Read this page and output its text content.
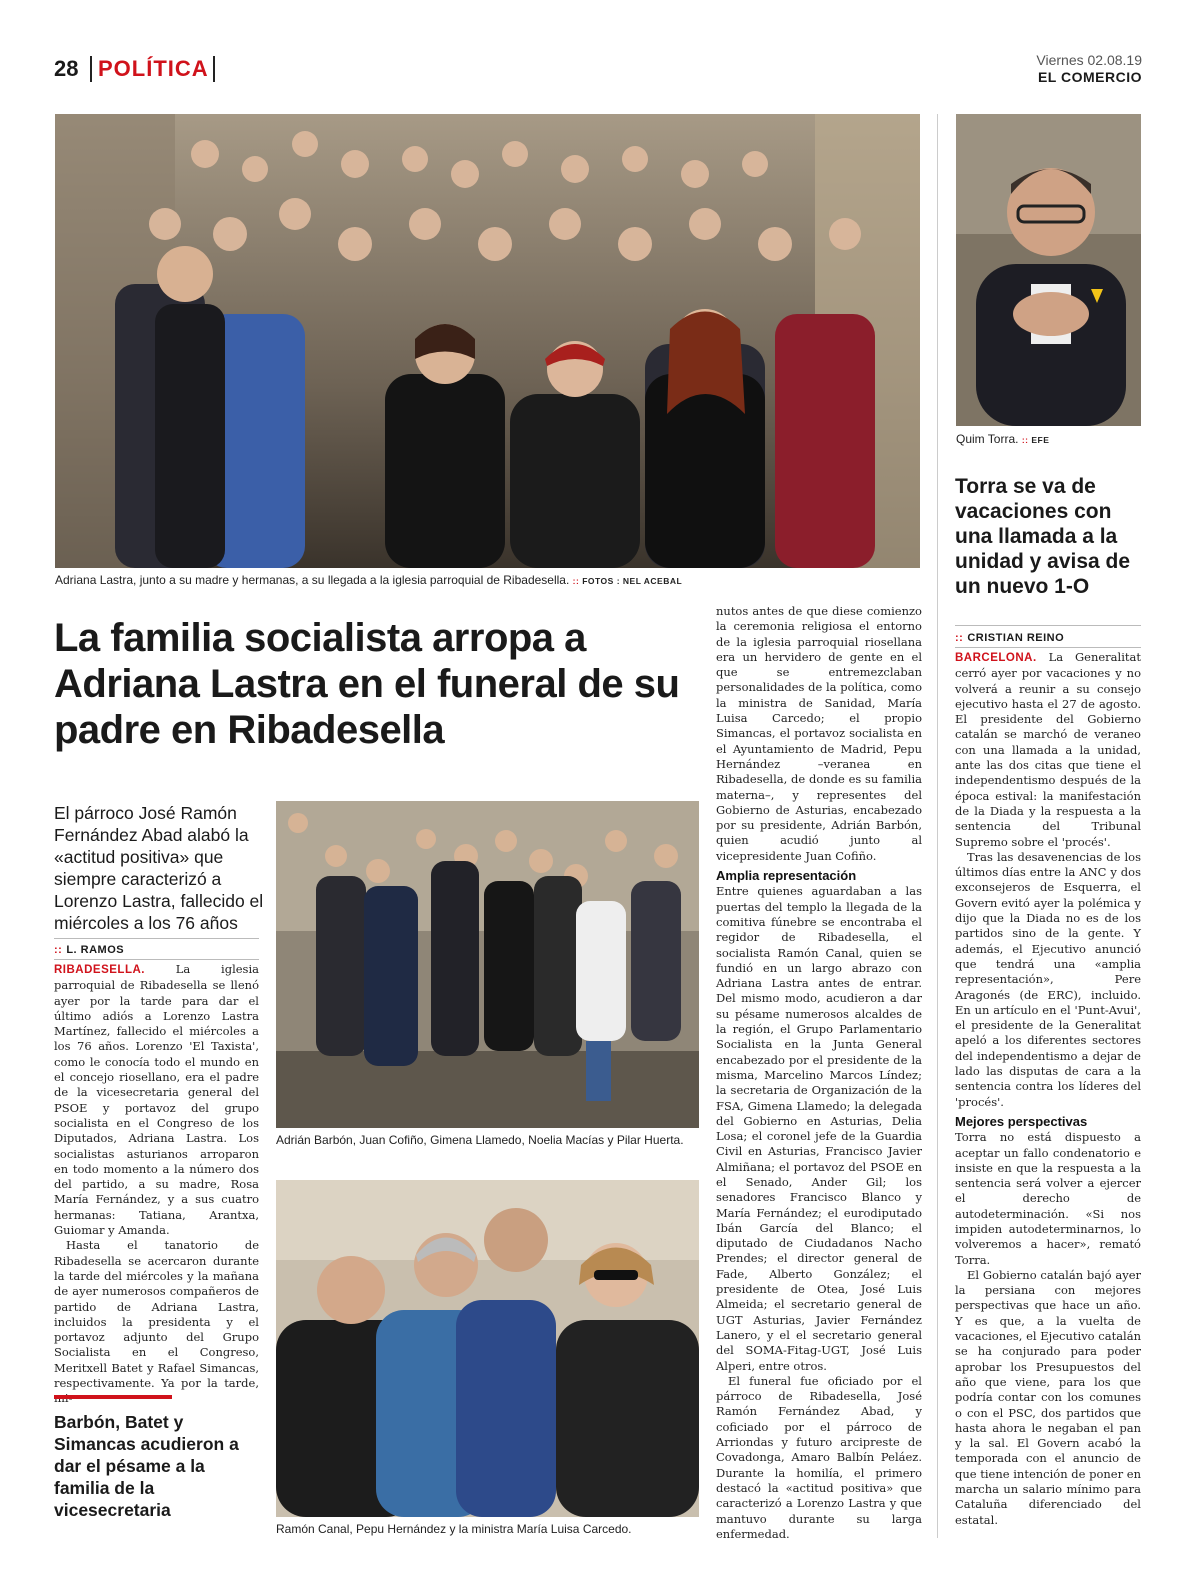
28 POLÍTICA	Viernes 02.08.19
EL COMERCIO
Adriana Lastra, junto a su madre y hermanas, a su llegada a la iglesia parroquial de Ribadesella. :: FOTOS : NEL ACEBAL
La familia socialista arropa a Adriana Lastra en el funeral de su padre en Ribadesella
El párroco José Ramón Fernández Abad alabó la «actitud positiva» que siempre caracterizó a Lorenzo Lastra, fallecido el miércoles a los 76 años
:: L. RAMOS

RIBADESELLA.	La iglesia parroquial de Ribadesella se llenó ayer por la tarde para dar el último adiós a Lorenzo Lastra Martínez, fallecido el miércoles a los 76 años. Lorenzo 'El Taxista', como le conocía todo el mundo en el concejo riosellano, era el padre de la vicesecretaria general del PSOE y portavoz del grupo socialista en el Congreso de los Diputados, Adriana Lastra. Los socialistas asturianos arroparon en todo momento a la número dos del partido, a su madre, Rosa María Fernández, y a sus cuatro hermanas: Tatiana, Arantxa, Guiomar y Amanda.

Hasta el tanatorio de Ribadesella se acercaron durante la tarde del miércoles y la mañana de ayer numerosos compañeros de partido de Adriana Lastra, incluidos la presidenta y el portavoz adjunto del Grupo Socialista en el Congreso, Meritxell Batet y Rafael Simancas, respectivamente. Ya por la tarde,

Barbón, Batet y Simancas acudieron a dar el pésame a la familia de la vicesecretaria
Adrián Barbón, Juan Cofiño, Gimena Llamedo, Noelia Macías y Pilar Huerta.
Ramón Canal, Pepu Hernández y la ministra María Luisa Carcedo.

nutos antes de que diese comienzo la ceremonia religiosa el entorno de la iglesia parroquial riosellana era un hervidero de gente en el que se entremezclaban personalidades de la política, como la ministra de Sanidad, María Luisa Carcedo; el propio Simancas, el portavoz socialista en el Ayuntamiento de Madrid, Pepu Hernández –veranea en Ribadesella, de donde es su familia materna–, y representes del Gobierno de Asturias, encabezado por su presidente, Adrián Barbón, quien acudió junto al vicepresidente Juan Cofiño.

Amplia representación

Entre quienes aguardaban a las puertas del templo la llegada de la comitiva fúnebre se encontraba el regidor de Ribadesella, el socialista Ramón Canal, quien se fundió en un largo abrazo con Adriana Lastra antes de entrar. Del mismo modo, acudieron a dar su pésame numerosos alcaldes de la región, el Grupo Parlamentario Socialista en la Junta General encabezado por el presidente de la misma, Marcelino Marcos Líndez; la secretaria de Organización de la FSA, Gimena Llamedo; la delegada del Gobierno en Asturias, Delia Losa; el coronel jefe de la Guardia Civil en Asturias, Francisco Javier Almiñana; el portavoz del PSOE en el Senado, Ander Gil; los senadores Francisco Blanco y María Fernández; el eurodiputado Ibán García del Blanco; el diputado de Ciudadanos Nacho Prendes; el director general de Fade, Alberto González; el presidente de Otea, José Luis Almeida; el secretario general de UGT Asturias, Javier Fernández Lanero, y el el secretario general del SOMA-Fitag-UGT, José Luis Alperi, entre otros.

El funeral fue oficiado por el párroco de Ribadesella, José Ramón Fernández Abad, y coficiado por el párroco de Arriondas y futuro arcipreste de Covadonga, Amaro Balbín Peláez. Durante la homilía, el primero destacó la «actitud positiva» que caracterizó a Lorenzo Lastra y que mantuvo durante su larga enfermedad.

Quim Torra. :: EFE
Torra se va de vacaciones con una llamada a la unidad y avisa de un nuevo 1-O
:: CRISTIAN REINO

BARCELONA. La Generalitat cerró ayer por vacaciones y no volverá a reunir a su consejo ejecutivo hasta el 27 de agosto. El presidente del Gobierno catalán se marchó de veraneo con una llamada a la unidad, ante las dos citas que tiene el independentismo después de la época estival: la manifestación de la Diada y la respuesta a la sentencia del Tribunal Supremo sobre el 'procés'.

Tras las desavenencias de los últimos días entre la ANC y dos exconsejeros de Esquerra, el Govern evitó ayer la polémica y dijo que la Diada no es de los partidos sino de la gente. Y además, el Ejecutivo anunció que tendrá una «amplia representación», Pere Aragonés (de ERC), incluido. En un artículo en el 'Punt-Avui', el presidente de la Generalitat apeló a los diferentes sectores del independentismo a dejar de lado las disputas de cara a la sentencia contra los líderes del 'procés'.

Mejores perspectivas

Torra no está dispuesto a aceptar un fallo condenatorio e insiste en que la respuesta a la sentencia será volver a ejercer el derecho de autodeterminación. «Si nos impiden autodeterminarnos, lo volveremos a hacer», remató Torra.

El Gobierno catalán bajó ayer la persiana con mejores perspectivas que hace un año. Y es que, a la vuelta de vacaciones, el Ejecutivo catalán se ha conjurado para poder aprobar los Presupuestos del año que viene, para los que podría contar con los comunes o con el PSC, dos partidos que hasta ahora le negaban el pan y la sal. El Govern acabó la temporada con el anuncio de que tiene intención de poner en marcha un salario mínimo para Cataluña diferenciado del estatal.
